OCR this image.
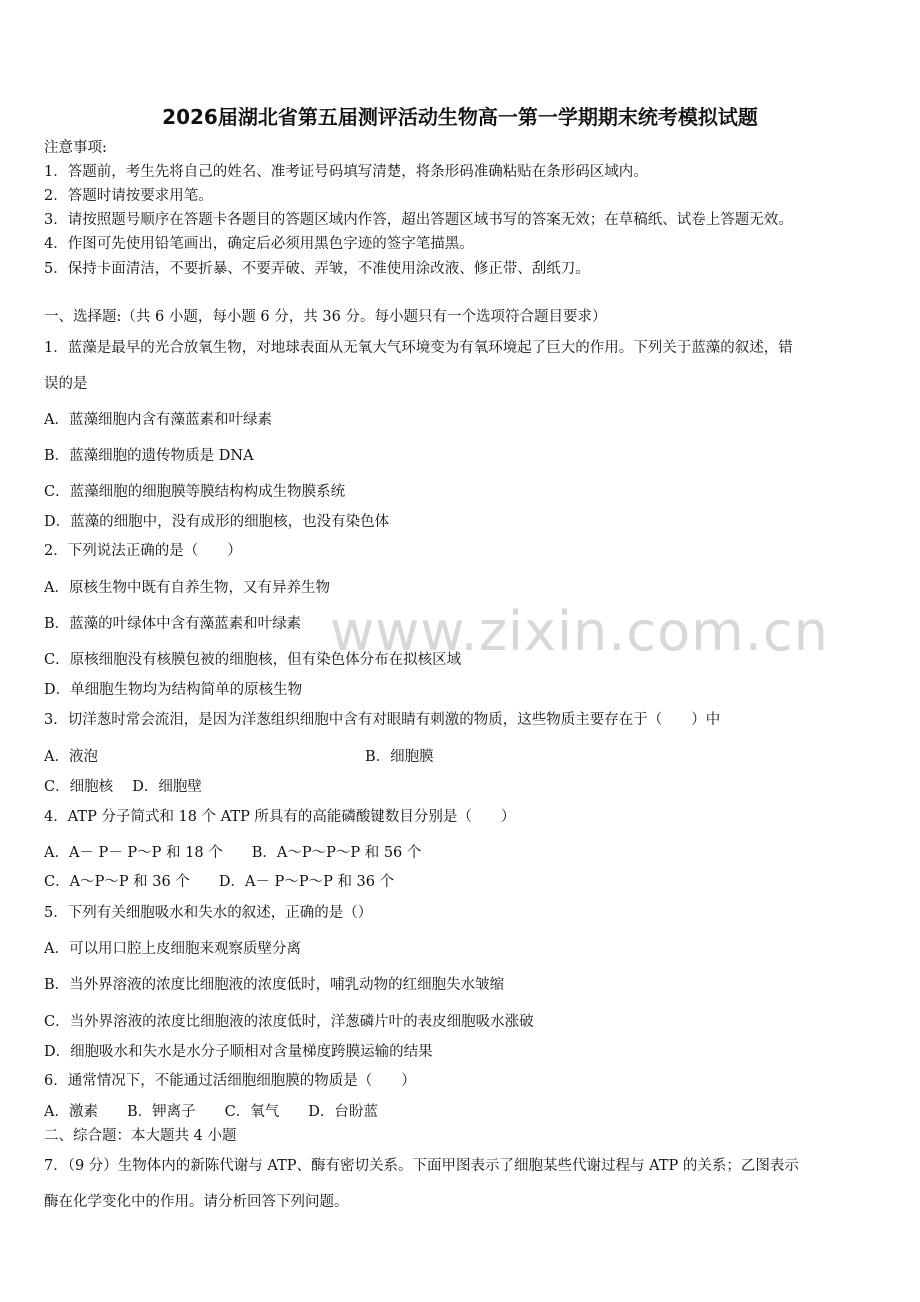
2026届湖北省第五届测评活动生物高一第一学期期末统考模拟试题
注意事项:
1．答题前，考生先将自己的姓名、准考证号码填写清楚，将条形码准确粘贴在条形码区域内。
2．答题时请按要求用笔。
3．请按照题号顺序在答题卡各题目的答题区域内作答，超出答题区域书写的答案无效；在草稿纸、试卷上答题无效。
4．作图可先使用铅笔画出，确定后必须用黑色字迹的签字笔描黑。
5．保持卡面清洁，不要折暴、不要弄破、弄皱，不准使用涂改液、修正带、刮纸刀。
一、选择题:（共 6 小题，每小题 6 分，共 36 分。每小题只有一个选项符合题目要求）
1．蓝藻是最早的光合放氧生物，对地球表面从无氧大气环境变为有氧环境起了巨大的作用。下列关于蓝藻的叙述，错
误的是
A．蓝藻细胞内含有藻蓝素和叶绿素
B．蓝藻细胞的遗传物质是 DNA
C．蓝藻细胞的细胞膜等膜结构构成生物膜系统
D．蓝藻的细胞中，没有成形的细胞核，也没有染色体
2．下列说法正确的是（　　）
A．原核生物中既有自养生物，又有异养生物
B．蓝藻的叶绿体中含有藻蓝素和叶绿素
C．原核细胞没有核膜包被的细胞核，但有染色体分布在拟核区域
D．单细胞生物均为结构简单的原核生物
3．切洋葱时常会流泪，是因为洋葱组织细胞中含有对眼睛有刺激的物质，这些物质主要存在于（　　）中
A．液泡	B．细胞膜
C．细胞核　 D．细胞壁
4．ATP 分子简式和 18 个 ATP 所具有的高能磷酸键数目分别是（　　）
A．A－ P－ P～P 和 18 个　　B．A～P～P～P 和 56 个
C．A～P～P 和 36 个　　D．A－ P～P～P 和 36 个
5．下列有关细胞吸水和失水的叙述，正确的是（）
A．可以用口腔上皮细胞来观察质壁分离
B．当外界溶液的浓度比细胞液的浓度低时，哺乳动物的红细胞失水皱缩
C．当外界溶液的浓度比细胞液的浓度低时，洋葱磷片叶的表皮细胞吸水涨破
D．细胞吸水和失水是水分子顺相对含量梯度跨膜运输的结果
6．通常情况下，不能通过活细胞细胞膜的物质是（　　）
A．激素　　B．钾离子　　C．氧气　　D．台盼蓝
二、综合题：本大题共 4 小题
7．（9 分）生物体内的新陈代谢与 ATP、酶有密切关系。下面甲图表示了细胞某些代谢过程与 ATP 的关系；乙图表示
酶在化学变化中的作用。请分析回答下列问题。
www.zixin.com.cn
